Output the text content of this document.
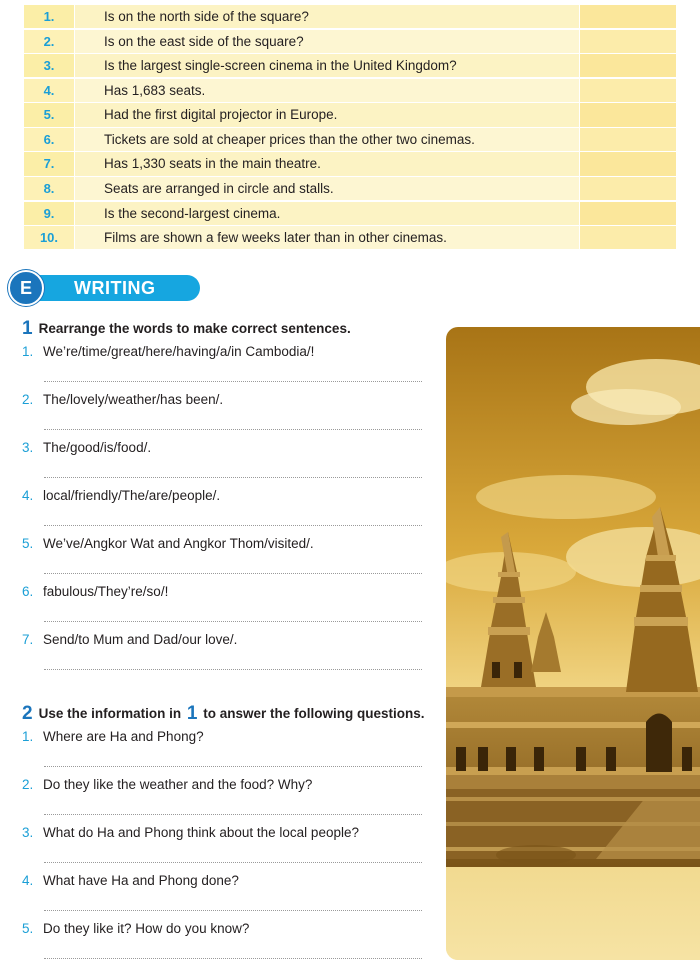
1.	Is on the north side of the square?
2.	Is on the east side of the square?
3.	Is the largest single-screen cinema in the United Kingdom?
4.	Has 1,683 seats.
5.	Had the first digital projector in Europe.
6.	Tickets are sold at cheaper prices than the other two cinemas.
7.	Has 1,330 seats in the main theatre.
8.	Seats are arranged in circle and stalls.
9.	Is the second-largest cinema.
10.	Films are shown a few weeks later than in other cinemas.
E	WRITING
1 Rearrange the words to make correct sentences.
1. We’re/time/great/here/having/a/in Cambodia/!
2. The/lovely/weather/has been/.
3. The/good/is/food/.
4. local/friendly/The/are/people/.
5. We’ve/Angkor Wat and Angkor Thom/visited/.
6. fabulous/They’re/so/!
7. Send/to Mum and Dad/our love/.
2 Use the information in 1 to answer the following questions.
1. Where are Ha and Phong?
2. Do they like the weather and the food? Why?
3. What do Ha and Phong think about the local people?
4. What have Ha and Phong done?
5. Do they like it? How do you know?
